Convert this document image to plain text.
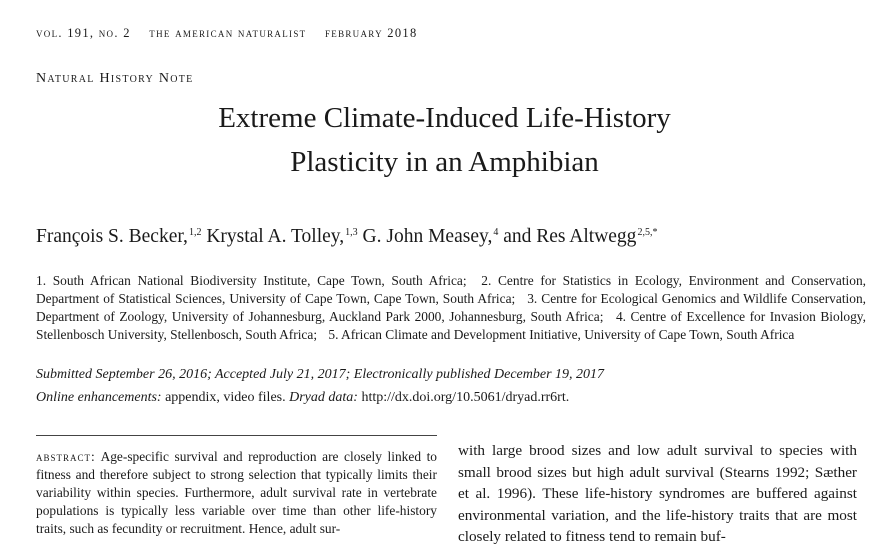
vol. 191, no. 2 the american naturalist february 2018
Natural History Note
Extreme Climate-Induced Life-History
Plasticity in an Amphibian
François S. Becker,$^{1,2}$ Krystal A. Tolley,$^{1,3}$ G. John Measey,$^4$ and Res Altwegg$^{2,5,*}$
1. South African National Biodiversity Institute, Cape Town, South Africa; 2. Centre for Statistics in Ecology, Environment and Conservation, Department of Statistical Sciences, University of Cape Town, Cape Town, South Africa; 3. Centre for Ecological Genomics and Wildlife Conservation, Department of Zoology, University of Johannesburg, Auckland Park 2000, Johannesburg, South Africa; 4. Centre of Excellence for Invasion Biology, Stellenbosch University, Stellenbosch, South Africa; 5. African Climate and Development Initiative, University of Cape Town, South Africa
Submitted September 26, 2016; Accepted July 21, 2017; Electronically published December 19, 2017
Online enhancements: appendix, video files. Dryad data: http://dx.doi.org/10.5061/dryad.rr6rt.
abstract: Age-specific survival and reproduction are closely linked to fitness and therefore subject to strong selection that typically limits their variability within species. Furthermore, adult survival rate in vertebrate populations is typically less variable over time than other life-history traits, such as fecundity or recruitment. Hence, adult sur-
with large brood sizes and low adult survival to species with small brood sizes but high adult survival (Stearns 1992; Sæther et al. 1996). These life-history syndromes are buffered against environmental variation, and the life-history traits that are most closely related to fitness tend to remain buf-
